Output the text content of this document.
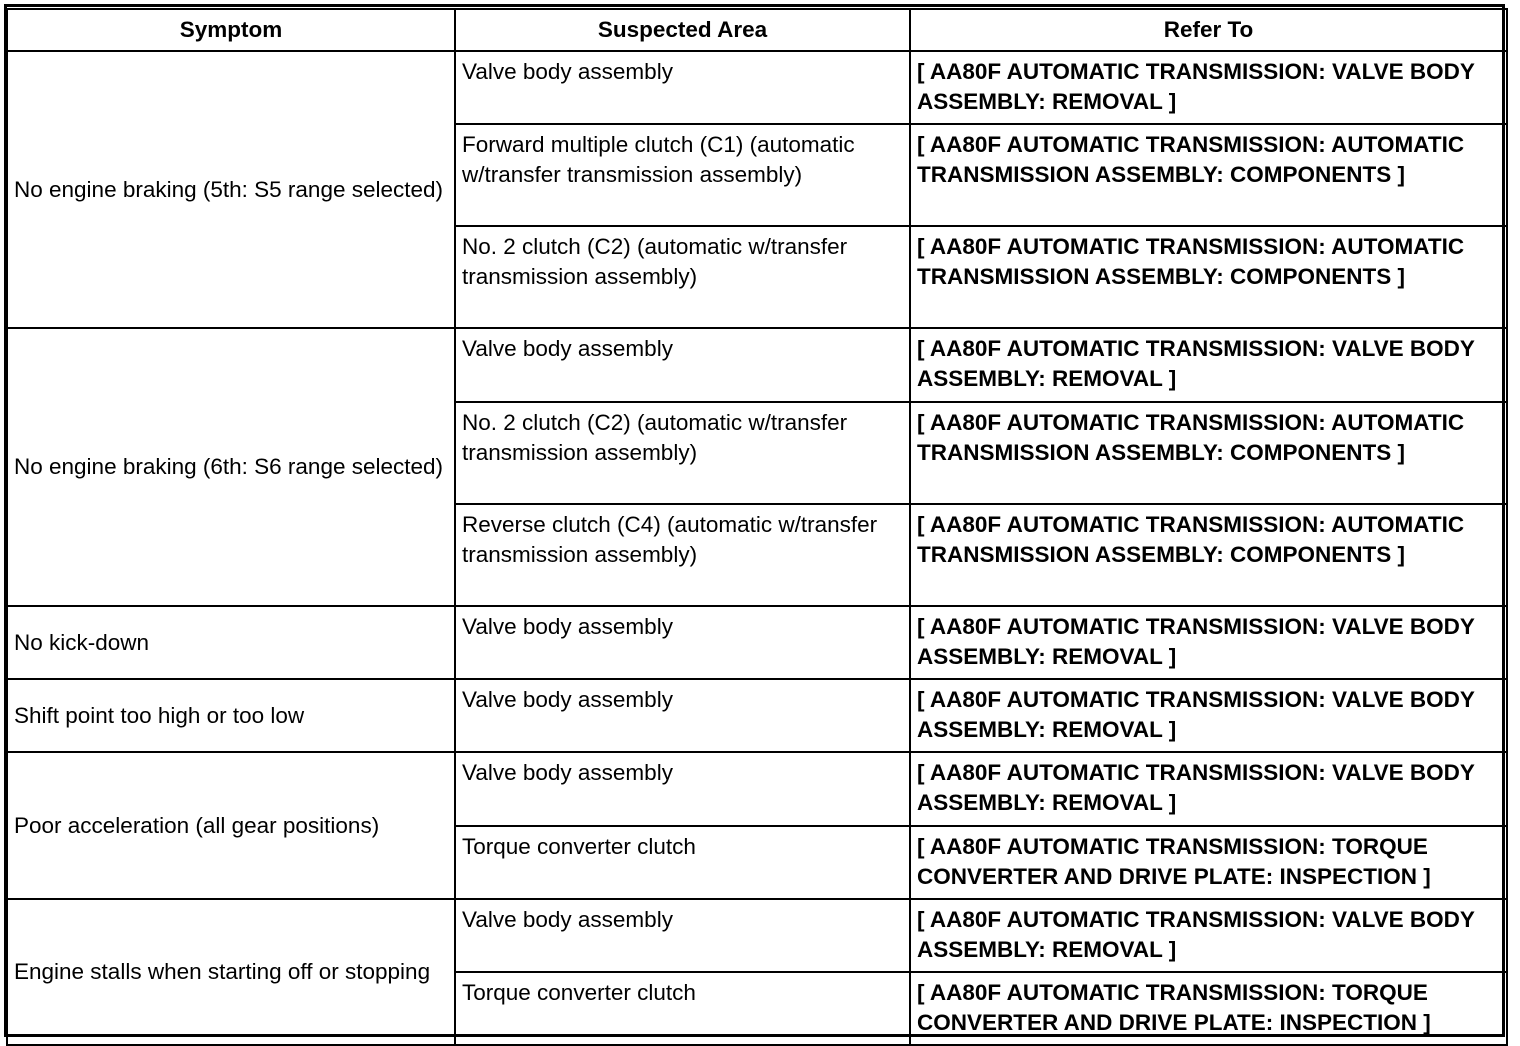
Symptom	Suspected Area	Refer To
No engine braking (5th: S5 range selected)	Valve body assembly	[ AA80F AUTOMATIC TRANSMISSION: VALVE BODY ASSEMBLY: REMOVAL ]
	Forward multiple clutch (C1) (automatic w/transfer transmission assembly)	[ AA80F AUTOMATIC TRANSMISSION: AUTOMATIC TRANSMISSION ASSEMBLY: COMPONENTS ]
	No. 2 clutch (C2) (automatic w/transfer transmission assembly)	[ AA80F AUTOMATIC TRANSMISSION: AUTOMATIC TRANSMISSION ASSEMBLY: COMPONENTS ]
No engine braking (6th: S6 range selected)	Valve body assembly	[ AA80F AUTOMATIC TRANSMISSION: VALVE BODY ASSEMBLY: REMOVAL ]
	No. 2 clutch (C2) (automatic w/transfer transmission assembly)	[ AA80F AUTOMATIC TRANSMISSION: AUTOMATIC TRANSMISSION ASSEMBLY: COMPONENTS ]
	Reverse clutch (C4) (automatic w/transfer transmission assembly)	[ AA80F AUTOMATIC TRANSMISSION: AUTOMATIC TRANSMISSION ASSEMBLY: COMPONENTS ]
No kick-down	Valve body assembly	[ AA80F AUTOMATIC TRANSMISSION: VALVE BODY ASSEMBLY: REMOVAL ]
Shift point too high or too low	Valve body assembly	[ AA80F AUTOMATIC TRANSMISSION: VALVE BODY ASSEMBLY: REMOVAL ]
Poor acceleration (all gear positions)	Valve body assembly	[ AA80F AUTOMATIC TRANSMISSION: VALVE BODY ASSEMBLY: REMOVAL ]
	Torque converter clutch	[ AA80F AUTOMATIC TRANSMISSION: TORQUE CONVERTER AND DRIVE PLATE: INSPECTION ]
Engine stalls when starting off or stopping	Valve body assembly	[ AA80F AUTOMATIC TRANSMISSION: VALVE BODY ASSEMBLY: REMOVAL ]
	Torque converter clutch	[ AA80F AUTOMATIC TRANSMISSION: TORQUE CONVERTER AND DRIVE PLATE: INSPECTION ]
